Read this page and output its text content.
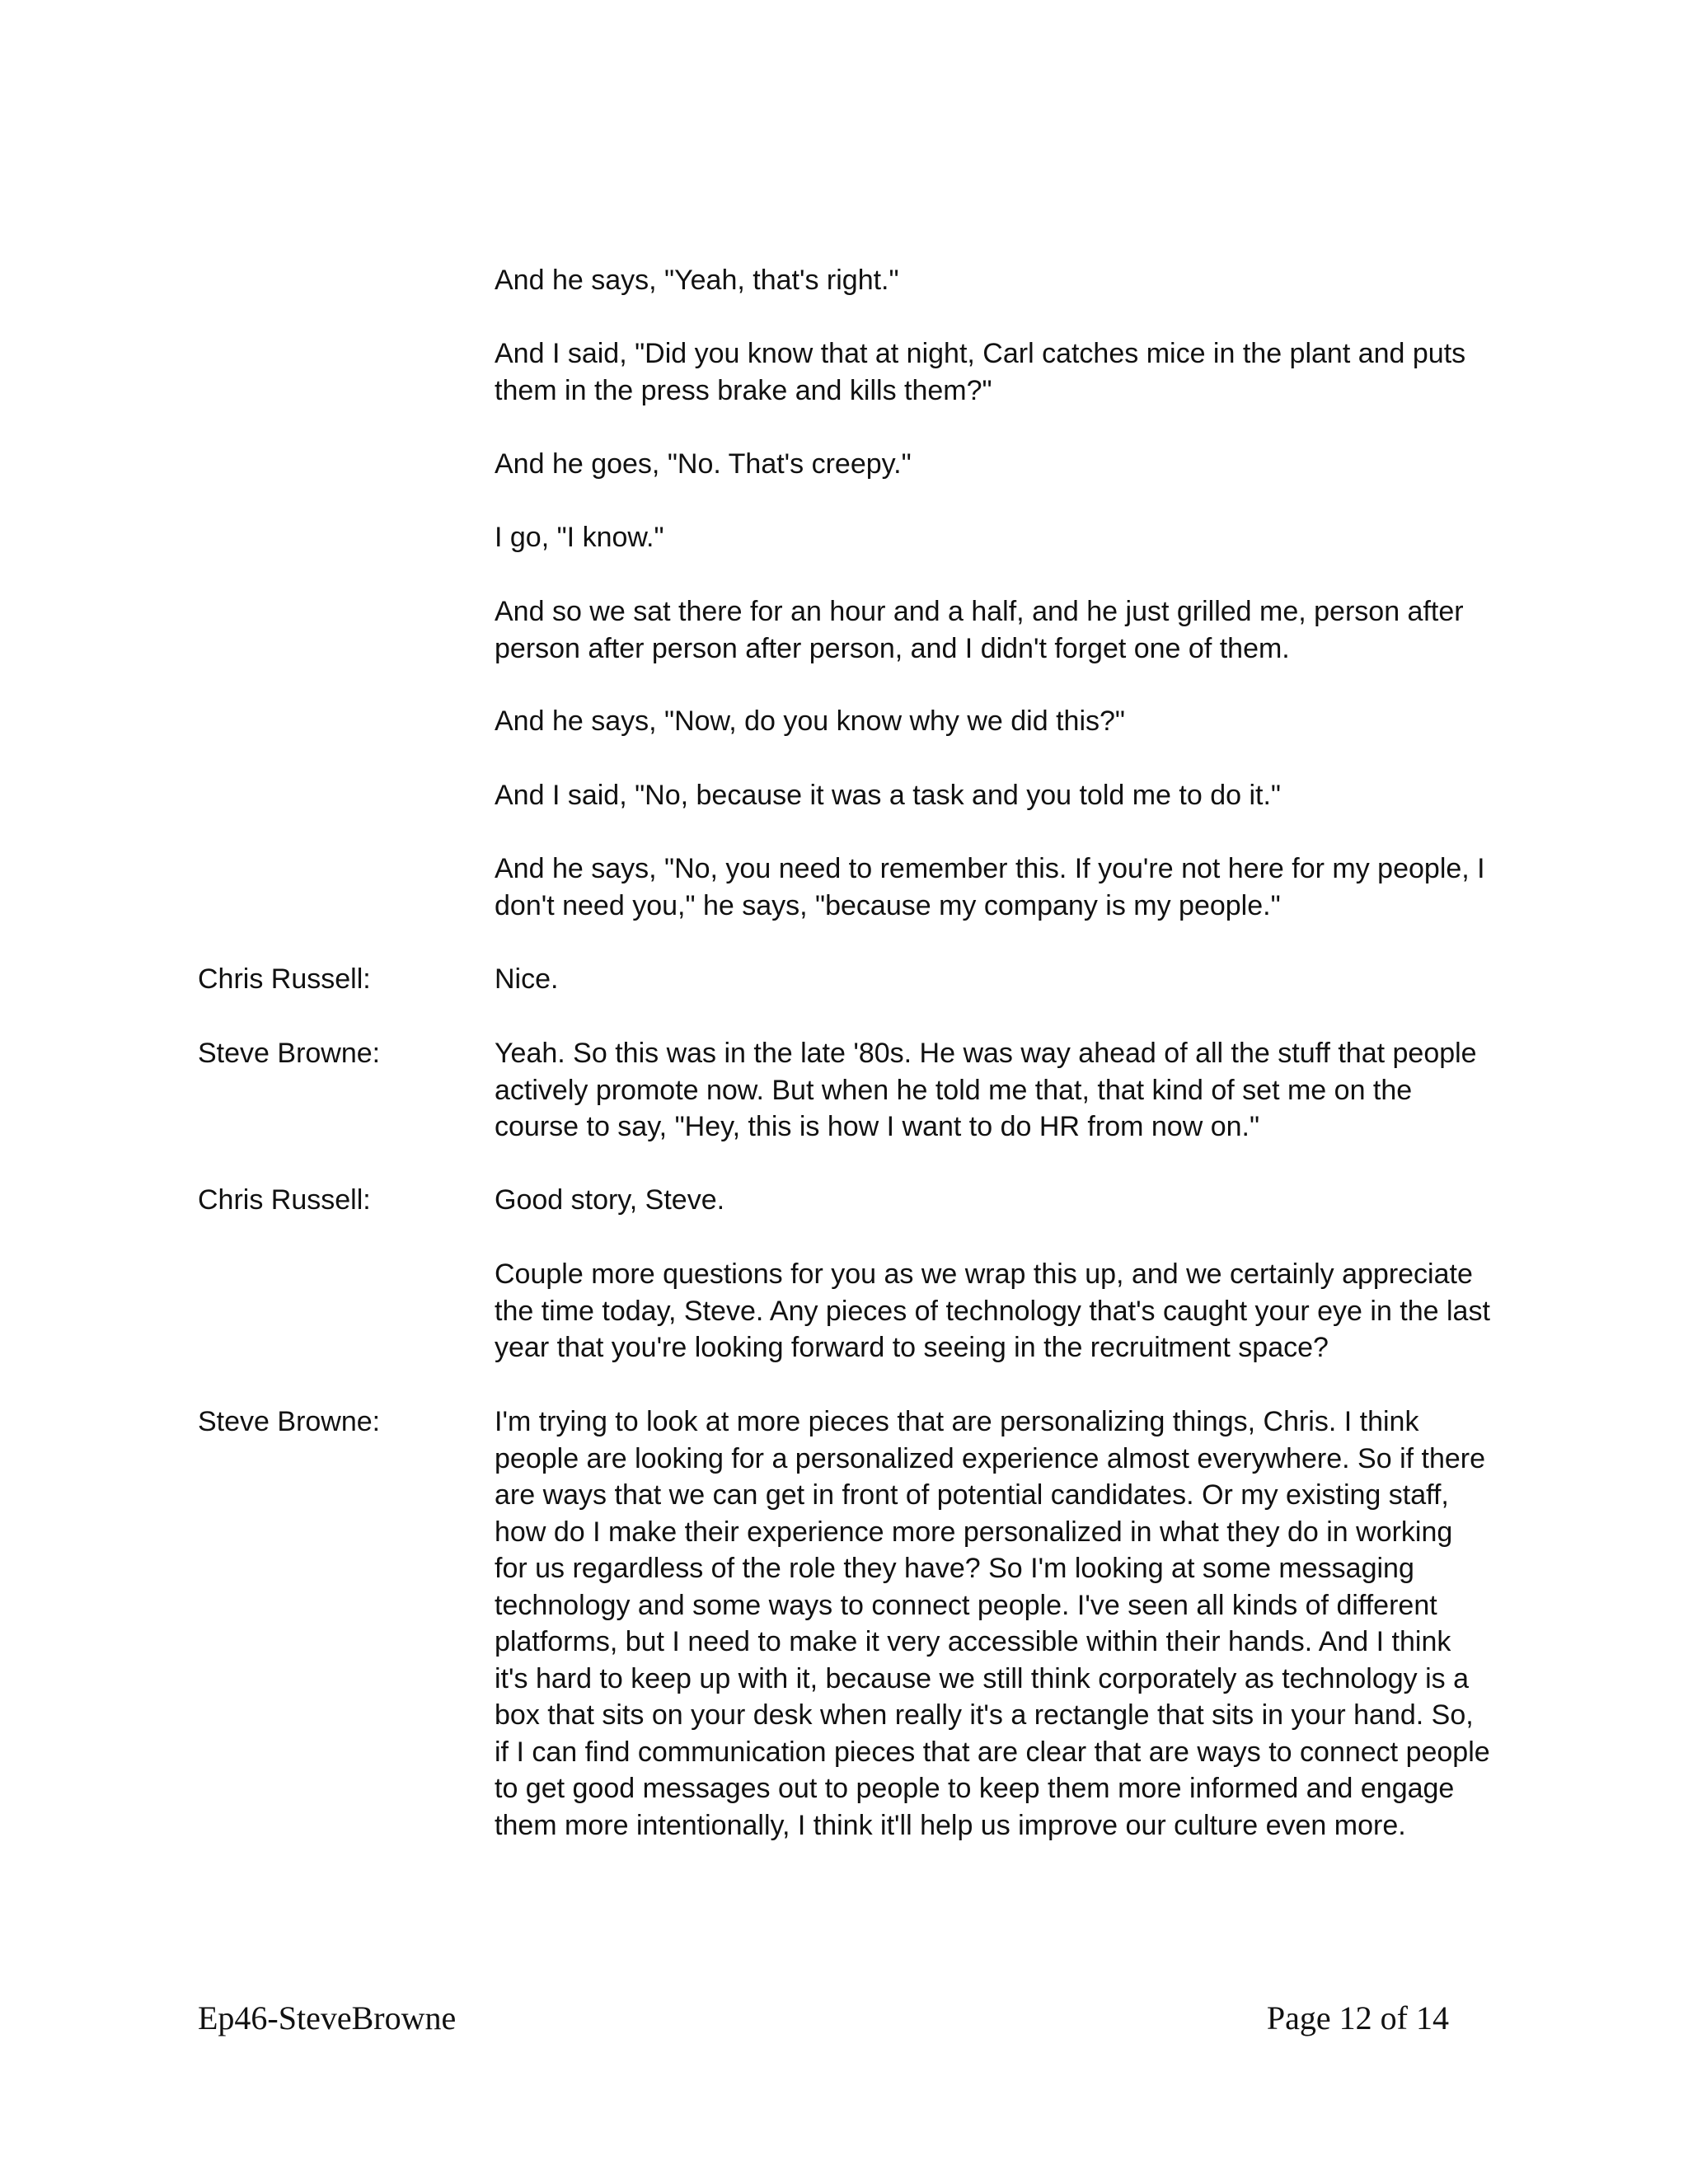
And he says, "Yeah, that's right."
And I said, "Did you know that at night, Carl catches mice in the plant and puts them in the press brake and kills them?"
And he goes, "No. That's creepy."
I go, "I know."
And so we sat there for an hour and a half, and he just grilled me, person after person after person after person, and I didn't forget one of them.
And he says, "Now, do you know why we did this?"
And I said, "No, because it was a task and you told me to do it."
And he says, "No, you need to remember this. If you're not here for my people, I don't need you," he says, "because my company is my people."
Chris Russell:	Nice.
Steve Browne:	Yeah. So this was in the late '80s. He was way ahead of all the stuff that people actively promote now. But when he told me that, that kind of set me on the course to say, "Hey, this is how I want to do HR from now on."
Chris Russell:	Good story, Steve.
Couple more questions for you as we wrap this up, and we certainly appreciate the time today, Steve. Any pieces of technology that's caught your eye in the last year that you're looking forward to seeing in the recruitment space?
Steve Browne:	I'm trying to look at more pieces that are personalizing things, Chris. I think people are looking for a personalized experience almost everywhere. So if there are ways that we can get in front of potential candidates. Or my existing staff, how do I make their experience more personalized in what they do in working for us regardless of the role they have? So I'm looking at some messaging technology and some ways to connect people. I've seen all kinds of different platforms, but I need to make it very accessible within their hands. And I think it's hard to keep up with it, because we still think corporately as technology is a box that sits on your desk when really it's a rectangle that sits in your hand. So, if I can find communication pieces that are clear that are ways to connect people to get good messages out to people to keep them more informed and engage them more intentionally, I think it'll help us improve our culture even more.
Ep46-SteveBrowne	Page 12 of 14
